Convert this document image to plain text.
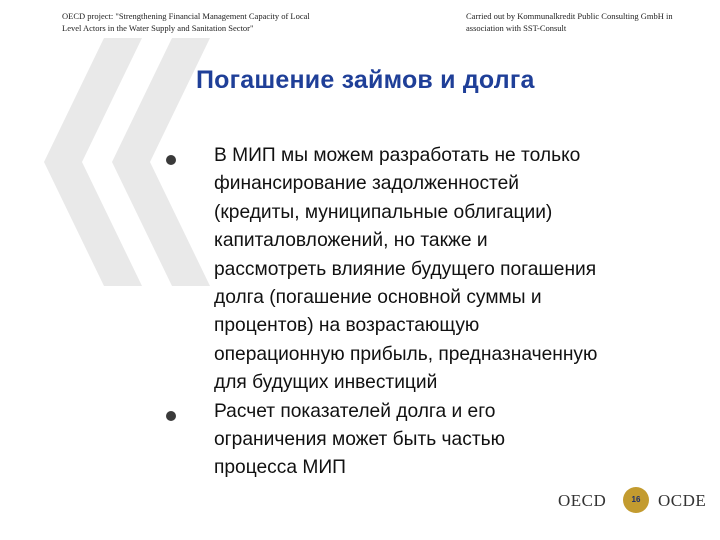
OECD project: "Strengthening Financial Management Capacity of Local
Level Actors in the Water Supply and Sanitation Sector"
Carried out by Kommunalkredit Public Consulting GmbH in
association with SST-Consult
Погашение займов и долга
В МИП мы можем разработать не только
финансирование задолженностей
(кредиты, муниципальные облигации)
капиталовложений, но также и
рассмотреть влияние будущего погашения
долга (погашение основной суммы и
процентов) на возрастающую
операционную прибыль, предназначенную
для будущих инвестиций
Расчет показателей долга и его
ограничения может быть частью
процесса МИП
OECD	16	OCDE
